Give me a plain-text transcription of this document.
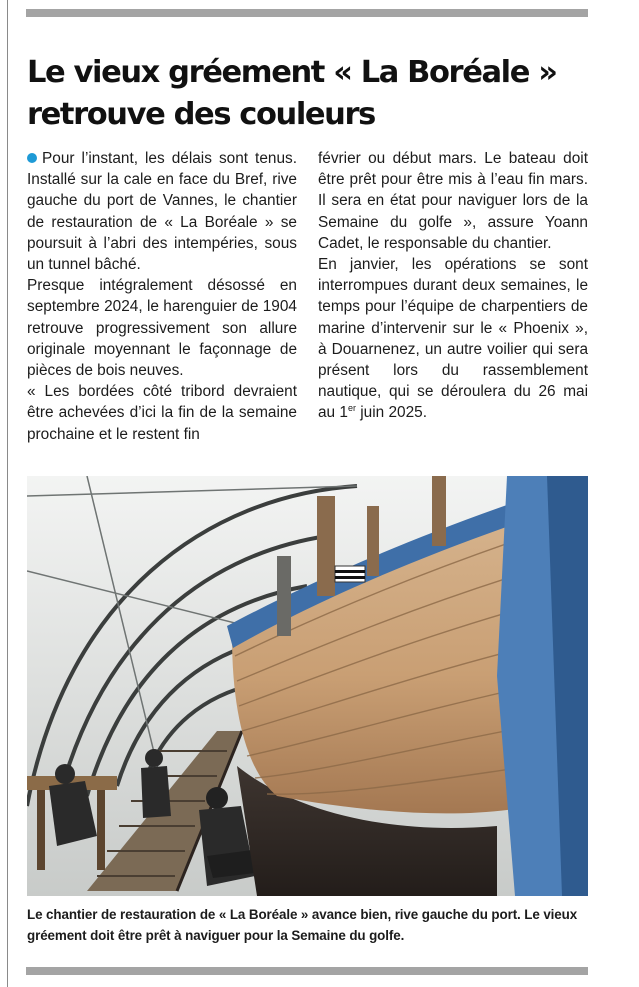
Le vieux gréement « La Boréale »
retrouve des couleurs

Pour l’instant, les délais sont tenus. Installé sur la cale en face du Bref, rive gauche du port de Vannes, le chantier de restauration de « La Boréale » se poursuit à l’abri des intempéries, sous un tunnel bâché.

Presque intégralement désossé en septembre 2024, le harenguier de 1904 retrouve progressivement son allure originale moyennant le façonnage de pièces de bois neuves.

« Les bordées côté tribord devraient être achevées d’ici la fin de la semaine prochaine et le restent fin

février ou début mars. Le bateau doit être prêt pour être mis à l’eau fin mars. Il sera en état pour naviguer lors de la Semaine du golfe », assure Yoann Cadet, le responsable du chantier.

En janvier, les opérations se sont interrompues durant deux semaines, le temps pour l’équipe de charpentiers de marine d’intervenir sur le « Phoenix », à Douarnenez, un autre voilier qui sera présent lors du rassemblement nautique, qui se déroulera du 26 mai au 1er juin 2025.

Le chantier de restauration de « La Boréale » avance bien, rive gauche du port. Le vieux gréement doit être prêt à naviguer pour la Semaine du golfe.
